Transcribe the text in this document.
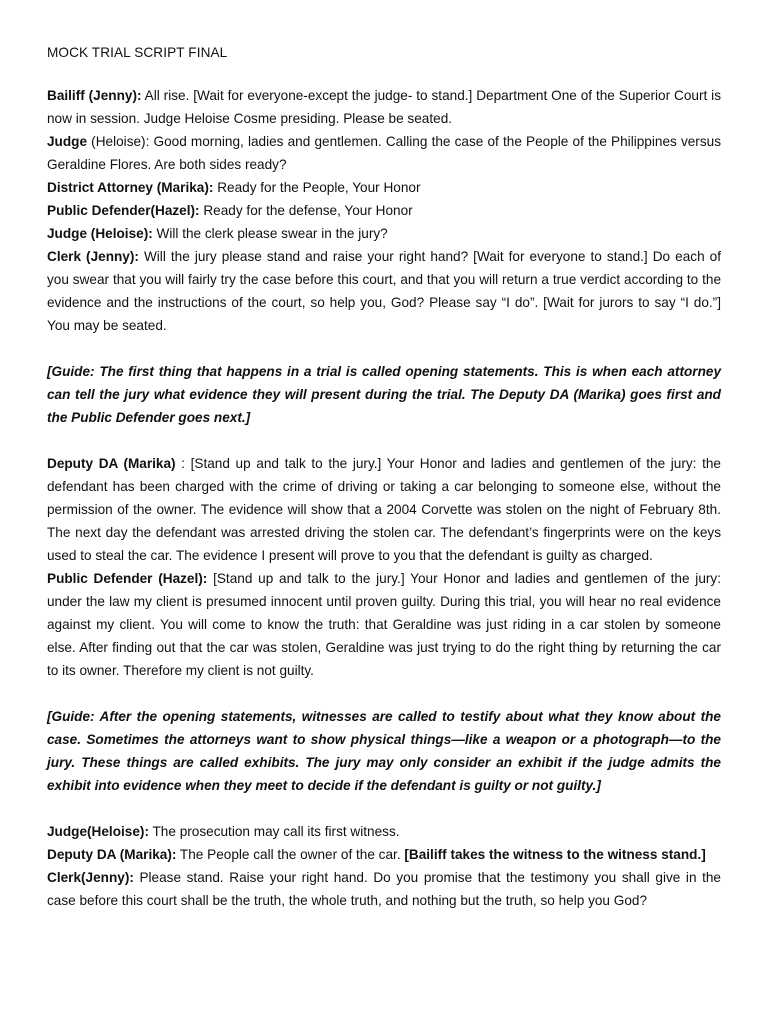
MOCK TRIAL SCRIPT FINAL

Bailiff (Jenny): All rise. [Wait for everyone-except the judge- to stand.] Department One of the Superior Court is now in session. Judge Heloise Cosme presiding. Please be seated.

Judge (Heloise): Good morning, ladies and gentlemen. Calling the case of the People of the Philippines versus Geraldine Flores. Are both sides ready?

District Attorney (Marika): Ready for the People, Your Honor

Public Defender(Hazel): Ready for the defense, Your Honor

Judge (Heloise): Will the clerk please swear in the jury?

Clerk (Jenny): Will the jury please stand and raise your right hand? [Wait for everyone to stand.] Do each of you swear that you will fairly try the case before this court, and that you will return a true verdict according to the evidence and the instructions of the court, so help you, God? Please say “I do”. [Wait for jurors to say “I do.”] You may be seated.

[Guide: The first thing that happens in a trial is called opening statements. This is when each attorney can tell the jury what evidence they will present during the trial. The Deputy DA (Marika) goes first and the Public Defender goes next.]

Deputy DA (Marika) : [Stand up and talk to the jury.] Your Honor and ladies and gentlemen of the jury: the defendant has been charged with the crime of driving or taking a car belonging to someone else, without the permission of the owner. The evidence will show that a 2004 Corvette was stolen on the night of February 8th. The next day the defendant was arrested driving the stolen car. The defendant’s fingerprints were on the keys used to steal the car. The evidence I present will prove to you that the defendant is guilty as charged.

Public Defender (Hazel): [Stand up and talk to the jury.] Your Honor and ladies and gentlemen of the jury: under the law my client is presumed innocent until proven guilty. During this trial, you will hear no real evidence against my client. You will come to know the truth: that Geraldine was just riding in a car stolen by someone else. After finding out that the car was stolen, Geraldine was just trying to do the right thing by returning the car to its owner. Therefore my client is not guilty.

[Guide: After the opening statements, witnesses are called to testify about what they know about the case. Sometimes the attorneys want to show physical things—like a weapon or a photograph—to the jury. These things are called exhibits. The jury may only consider an exhibit if the judge admits the exhibit into evidence when they meet to decide if the defendant is guilty or not guilty.]

Judge(Heloise): The prosecution may call its first witness.

Deputy DA (Marika): The People call the owner of the car. [Bailiff takes the witness to the witness stand.]

Clerk(Jenny): Please stand. Raise your right hand. Do you promise that the testimony you shall give in the case before this court shall be the truth, the whole truth, and nothing but the truth, so help you God?
